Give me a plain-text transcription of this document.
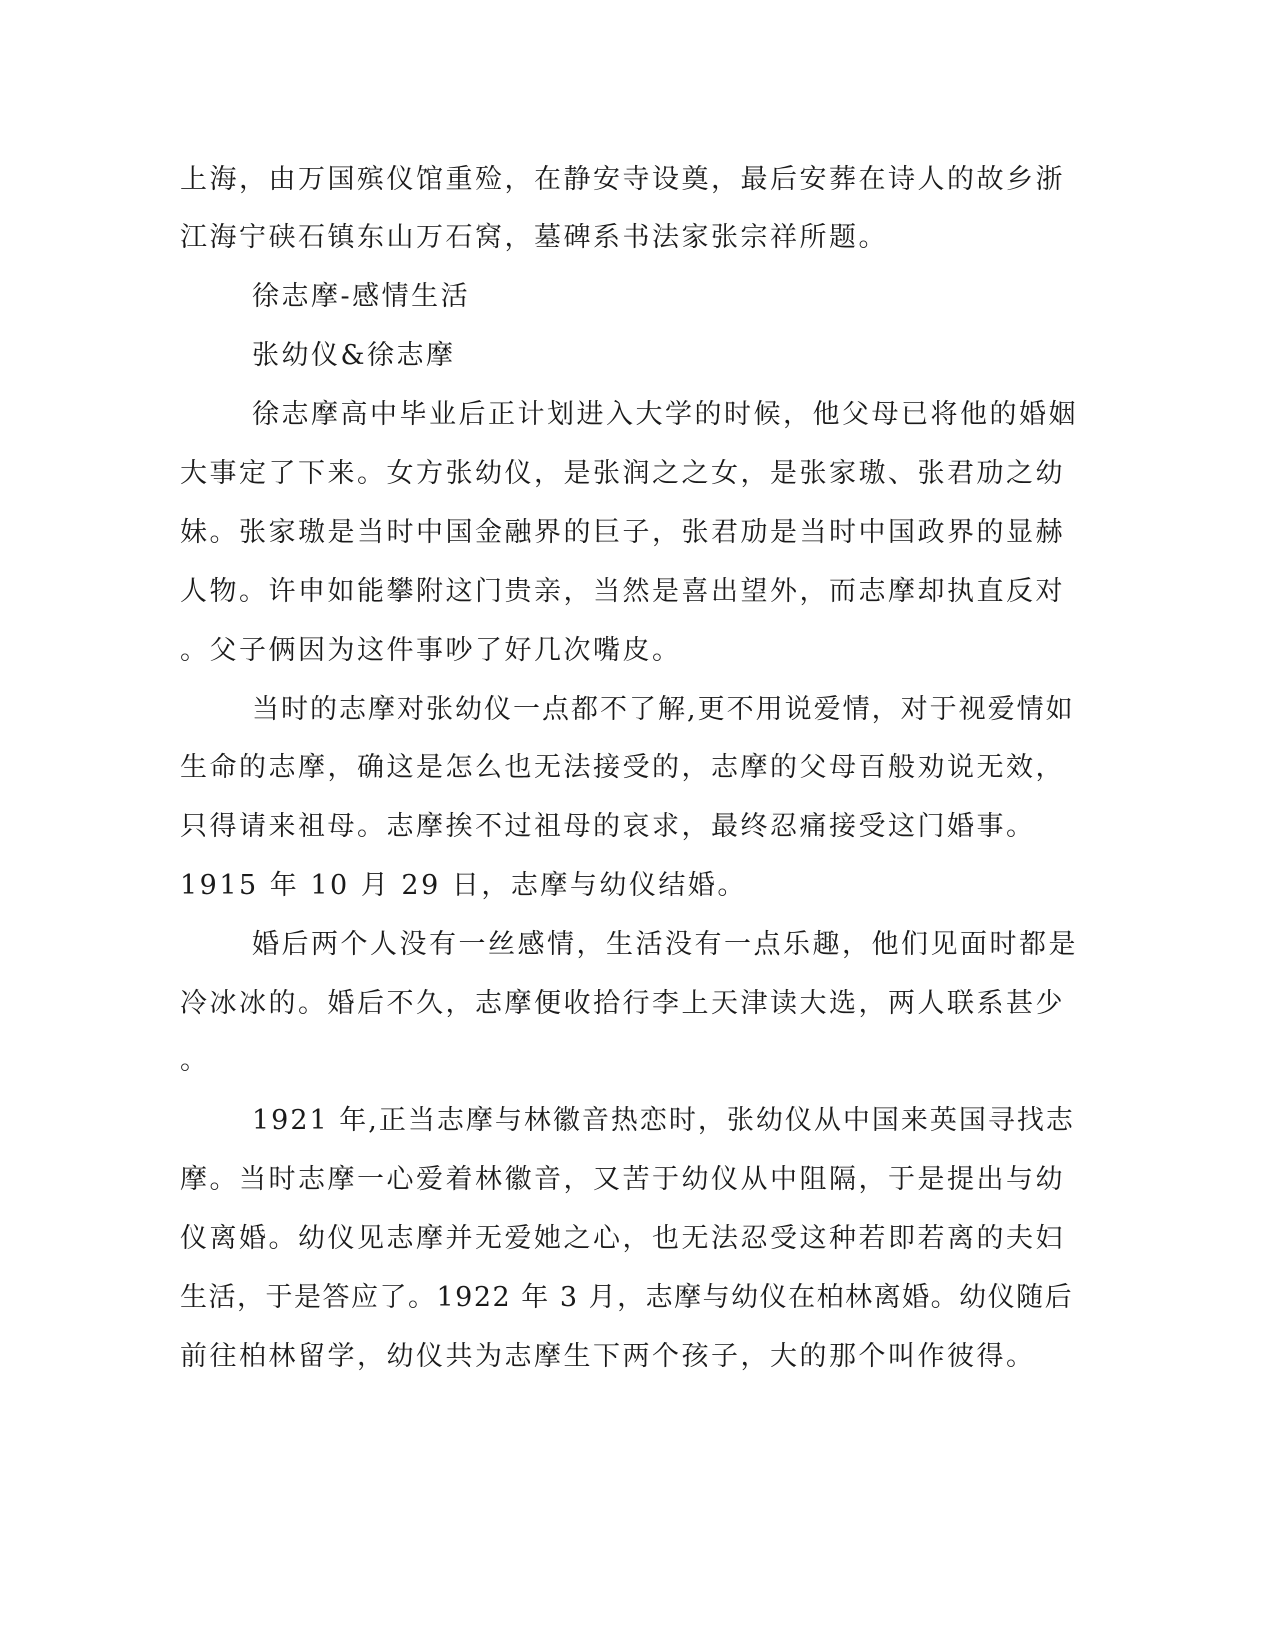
上海，由万国殡仪馆重殓，在静安寺设奠，最后安葬在诗人的故乡浙
江海宁硖石镇东山万石窝，墓碑系书法家张宗祥所题。
徐志摩-感情生活
张幼仪&徐志摩
徐志摩高中毕业后正计划进入大学的时候，他父母已将他的婚姻
大事定了下来。女方张幼仪，是张润之之女，是张家璈、张君劢之幼
妹。张家璈是当时中国金融界的巨子，张君劢是当时中国政界的显赫
人物。许申如能攀附这门贵亲，当然是喜出望外，而志摩却执直反对
。父子俩因为这件事吵了好几次嘴皮。
当时的志摩对张幼仪一点都不了解,更不用说爱情，对于视爱情如
生命的志摩，确这是怎么也无法接受的，志摩的父母百般劝说无效，
只得请来祖母。志摩挨不过祖母的哀求，最终忍痛接受这门婚事。
1915 年 10 月 29 日，志摩与幼仪结婚。
婚后两个人没有一丝感情，生活没有一点乐趣，他们见面时都是
冷冰冰的。婚后不久，志摩便收拾行李上天津读大选，两人联系甚少
。
1921 年,正当志摩与林徽音热恋时，张幼仪从中国来英国寻找志
摩。当时志摩一心爱着林徽音，又苦于幼仪从中阻隔，于是提出与幼
仪离婚。幼仪见志摩并无爱她之心，也无法忍受这种若即若离的夫妇
生活，于是答应了。1922 年 3 月，志摩与幼仪在柏林离婚。幼仪随后
前往柏林留学，幼仪共为志摩生下两个孩子，大的那个叫作彼得。
